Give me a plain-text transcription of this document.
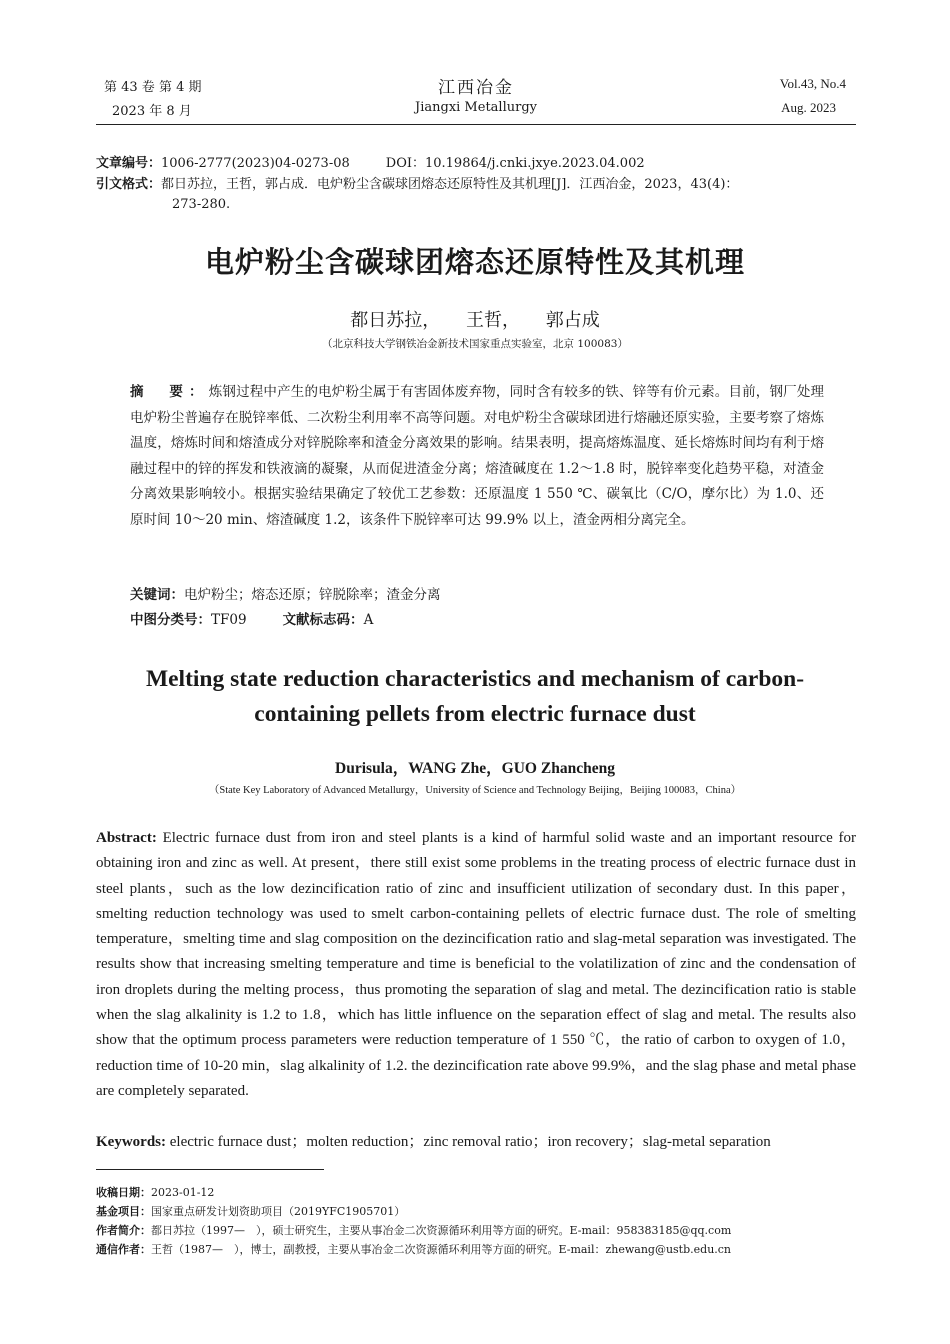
第 43 卷 第 4 期
2023 年 8 月
江西冶金
Jiangxi Metallurgy
Vol.43, No.4
Aug. 2023
文章编号：1006-2777(2023)04-0273-08	DOI：10.19864/j.cnki.jxye.2023.04.002
引文格式：都日苏拉，王哲，郭占成．电炉粉尘含碳球团熔态还原特性及其机理[J]．江西冶金，2023，43(4)：
273-280.
电炉粉尘含碳球团熔态还原特性及其机理
都日苏拉， 王哲， 郭占成
（北京科技大学钢铁冶金新技术国家重点实验室，北京 100083）
摘　要：炼钢过程中产生的电炉粉尘属于有害固体废弃物，同时含有较多的铁、锌等有价元素。目前，钢厂处理电炉粉尘普遍存在脱锌率低、二次粉尘利用率不高等问题。对电炉粉尘含碳球团进行熔融还原实验，主要考察了熔炼温度，熔炼时间和熔渣成分对锌脱除率和渣金分离效果的影响。结果表明，提高熔炼温度、延长熔炼时间均有利于熔融过程中的锌的挥发和铁液滴的凝聚，从而促进渣金分离；熔渣碱度在 1.2～1.8 时，脱锌率变化趋势平稳，对渣金分离效果影响较小。根据实验结果确定了较优工艺参数：还原温度 1 550 ℃、碳氧比（C/O，摩尔比）为 1.0、还原时间 10～20 min、熔渣碱度 1.2，该条件下脱锌率可达 99.9% 以上，渣金两相分离完全。
关键词：电炉粉尘；熔态还原；锌脱除率；渣金分离
中图分类号：TF09	文献标志码：A
Melting state reduction characteristics and mechanism of carbon-containing pellets from electric furnace dust
Durisula，WANG Zhe，GUO Zhancheng
（State Key Laboratory of Advanced Metallurgy，University of Science and Technology Beijing，Beijing 100083，China）
Abstract: Electric furnace dust from iron and steel plants is a kind of harmful solid waste and an important resource for obtaining iron and zinc as well. At present，there still exist some problems in the treating process of electric furnace dust in steel plants，such as the low dezincification ratio of zinc and insufficient utilization of secondary dust. In this paper，smelting reduction technology was used to smelt carbon-containing pellets of electric furnace dust. The role of smelting temperature，smelting time and slag composition on the dezincification ratio and slag-metal separation was investigated. The results show that increasing smelting temperature and time is beneficial to the volatilization of zinc and the condensation of iron droplets during the melting process，thus promoting the separation of slag and metal. The dezincification ratio is stable when the slag alkalinity is 1.2 to 1.8，which has little influence on the separation effect of slag and metal. The results also show that the optimum process parameters were reduction temperature of 1 550 ℃，the ratio of carbon to oxygen of 1.0，reduction time of 10-20 min，slag alkalinity of 1.2. the dezincification rate above 99.9%，and the slag phase and metal phase are completely separated.
Keywords: electric furnace dust；molten reduction；zinc removal ratio；iron recovery；slag-metal separation
收稿日期：2023-01-12
基金项目：国家重点研发计划资助项目（2019YFC1905701）
作者简介：都日苏拉（1997—　），硕士研究生，主要从事冶金二次资源循环利用等方面的研究。E-mail：958383185@qq.com
通信作者：王哲（1987—　），博士，副教授，主要从事冶金二次资源循环利用等方面的研究。E-mail：zhewang@ustb.edu.cn
